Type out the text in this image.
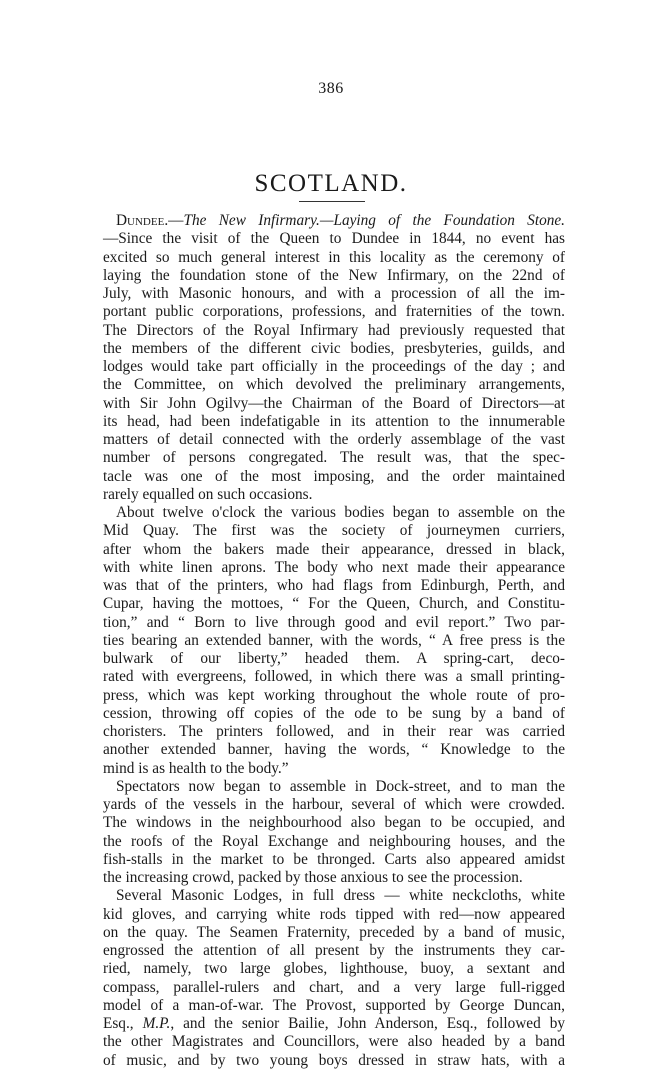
386
SCOTLAND.
Dundee.—The New Infirmary.—Laying of the Foundation Stone.
—Since the visit of the Queen to Dundee in 1844, no event has
excited so much general interest in this locality as the ceremony of
laying the foundation stone of the New Infirmary, on the 22nd of
July, with Masonic honours, and with a procession of all the im-
portant public corporations, professions, and fraternities of the town.
The Directors of the Royal Infirmary had previously requested that
the members of the different civic bodies, presbyteries, guilds, and
lodges would take part officially in the proceedings of the day ; and
the Committee, on which devolved the preliminary arrangements,
with Sir John Ogilvy—the Chairman of the Board of Directors—at
its head, had been indefatigable in its attention to the innumerable
matters of detail connected with the orderly assemblage of the vast
number of persons congregated. The result was, that the spec-
tacle was one of the most imposing, and the order maintained
rarely equalled on such occasions.
About twelve o'clock the various bodies began to assemble on the
Mid Quay. The first was the society of journeymen curriers,
after whom the bakers made their appearance, dressed in black,
with white linen aprons. The body who next made their appearance
was that of the printers, who had flags from Edinburgh, Perth, and
Cupar, having the mottoes, “ For the Queen, Church, and Constitu-
tion,” and “ Born to live through good and evil report.” Two par-
ties bearing an extended banner, with the words, “ A free press is the
bulwark of our liberty,” headed them. A spring-cart, deco-
rated with evergreens, followed, in which there was a small printing-
press, which was kept working throughout the whole route of pro-
cession, throwing off copies of the ode to be sung by a band of
choristers. The printers followed, and in their rear was carried
another extended banner, having the words, “ Knowledge to the
mind is as health to the body.”
Spectators now began to assemble in Dock-street, and to man the
yards of the vessels in the harbour, several of which were crowded.
The windows in the neighbourhood also began to be occupied, and
the roofs of the Royal Exchange and neighbouring houses, and the
fish-stalls in the market to be thronged. Carts also appeared amidst
the increasing crowd, packed by those anxious to see the procession.
Several Masonic Lodges, in full dress — white neckcloths, white
kid gloves, and carrying white rods tipped with red—now appeared
on the quay. The Seamen Fraternity, preceded by a band of music,
engrossed the attention of all present by the instruments they car-
ried, namely, two large globes, lighthouse, buoy, a sextant and
compass, parallel-rulers and chart, and a very large full-rigged
model of a man-of-war. The Provost, supported by George Duncan,
Esq., M.P., and the senior Bailie, John Anderson, Esq., followed by
the other Magistrates and Councillors, were also headed by a band
of music, and by two young boys dressed in straw hats, with a
